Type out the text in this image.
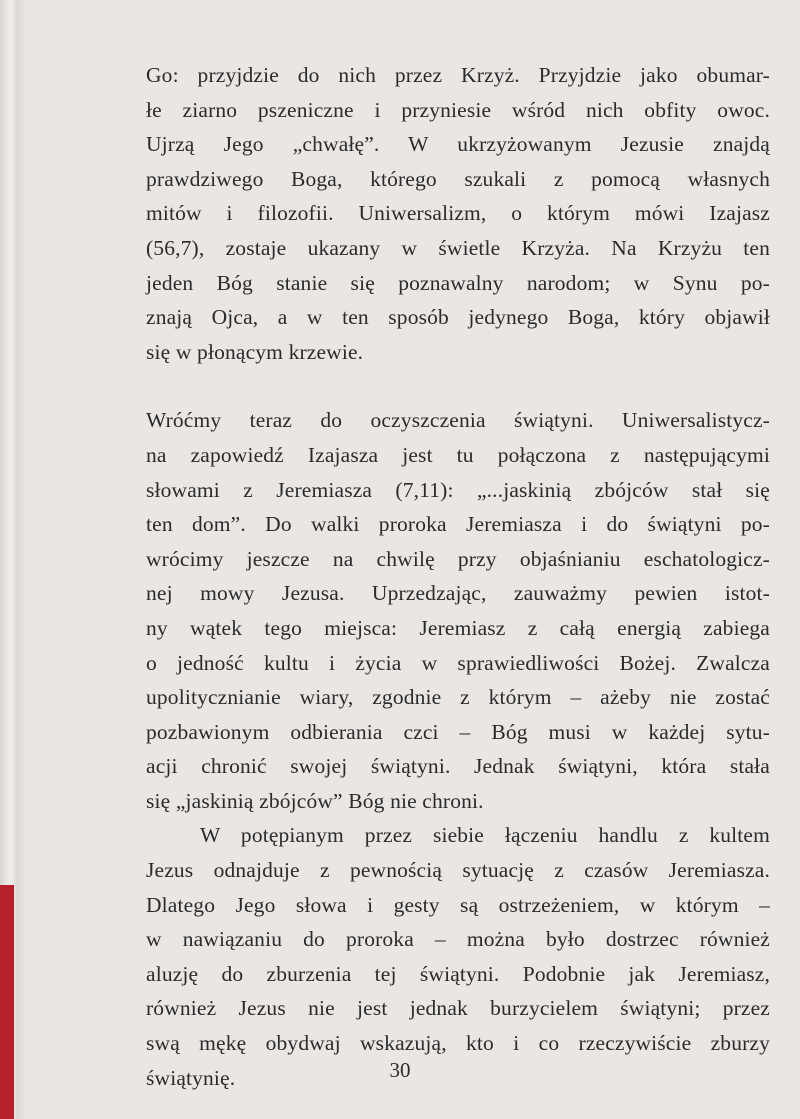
Go: przyjdzie do nich przez Krzyż. Przyjdzie jako obumar-
łe ziarno pszeniczne i przyniesie wśród nich obfity owoc.
Ujrzą Jego „chwałę”. W ukrzyżowanym Jezusie znajdą
prawdziwego Boga, którego szukali z pomocą własnych
mitów i filozofii. Uniwersalizm, o którym mówi Izajasz
(56,7), zostaje ukazany w świetle Krzyża. Na Krzyżu ten
jeden Bóg stanie się poznawalny narodom; w Synu po-
znają Ojca, a w ten sposób jedynego Boga, który objawił
się w płonącym krzewie.

Wróćmy teraz do oczyszczenia świątyni. Uniwersalistycz-
na zapowiedź Izajasza jest tu połączona z następującymi
słowami z Jeremiasza (7,11): „...jaskinią zbójców stał się
ten dom”. Do walki proroka Jeremiasza i do świątyni po-
wrócimy jeszcze na chwilę przy objaśnianiu eschatologicz-
nej mowy Jezusa. Uprzedzając, zauważmy pewien istot-
ny wątek tego miejsca: Jeremiasz z całą energią zabiega
o jedność kultu i życia w sprawiedliwości Bożej. Zwalcza
upolitycznianie wiary, zgodnie z którym – ażeby nie zostać
pozbawionym odbierania czci – Bóg musi w każdej sytu-
acji chronić swojej świątyni. Jednak świątyni, która stała
się „jaskinią zbójców” Bóg nie chroni.

W potępianym przez siebie łączeniu handlu z kultem
Jezus odnajduje z pewnością sytuację z czasów Jeremiasza.
Dlatego Jego słowa i gesty są ostrzeżeniem, w którym –
w nawiązaniu do proroka – można było dostrzec również
aluzję do zburzenia tej świątyni. Podobnie jak Jeremiasz,
również Jezus nie jest jednak burzycielem świątyni; przez
swą mękę obydwaj wskazują, kto i co rzeczywiście zburzy
świątynię.	30
